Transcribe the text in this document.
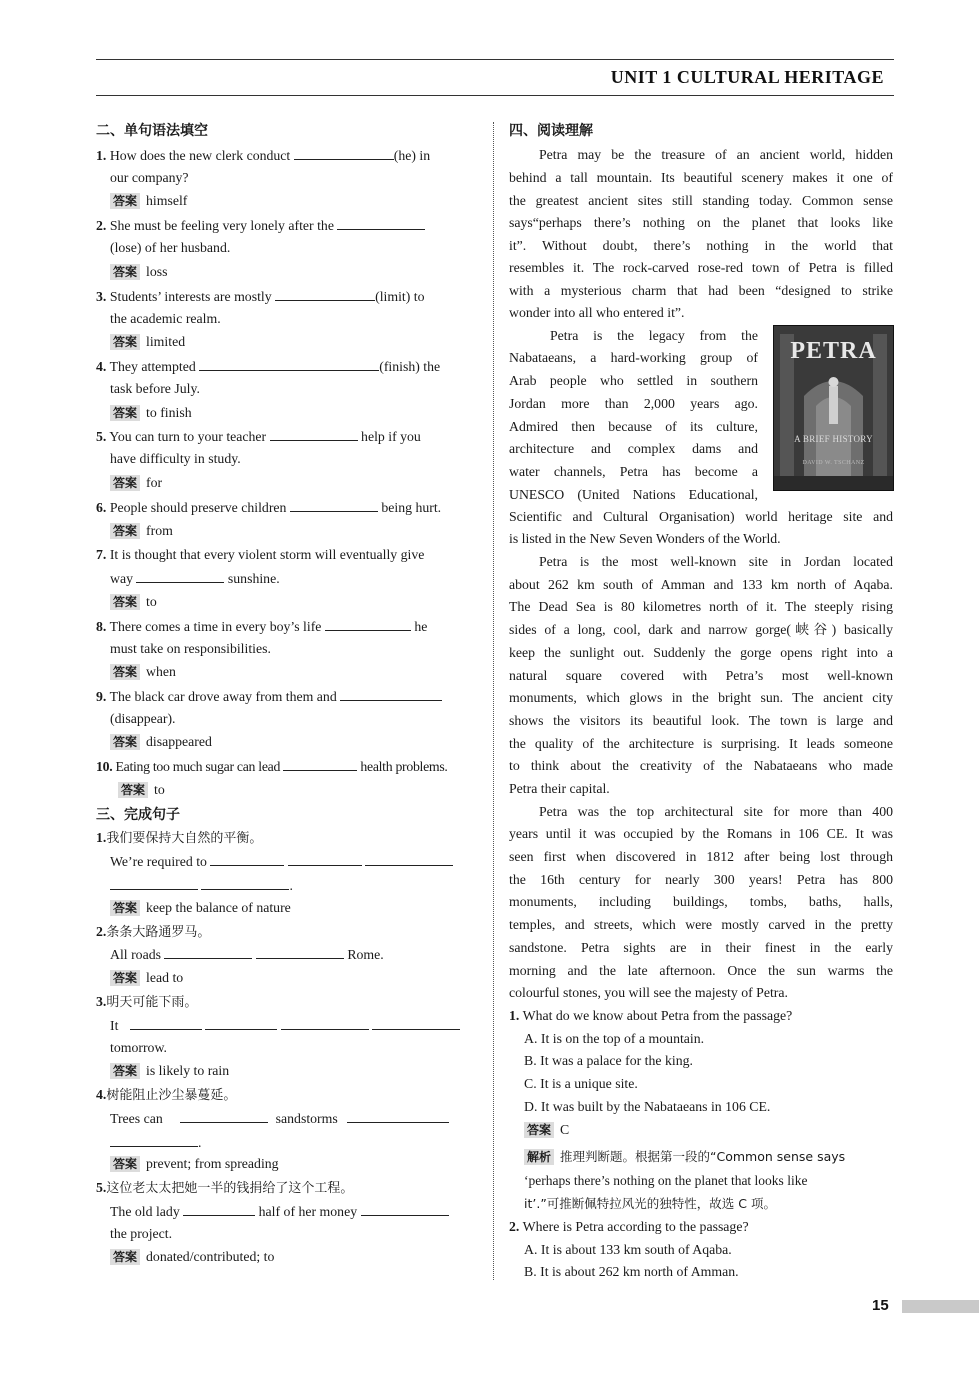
UNIT 1 CULTURAL HERITAGE
二、单句语法填空
1. How does the new clerk conduct	(he) in
our company?
答案 himself
2. She must be feeling very lonely after the
(lose) of her husband.
答案 loss
3. Students’ interests are mostly	(limit) to
the academic realm.
答案 limited
4. They attempted	(finish) the
task before July.
答案 to finish
5. You can turn to your teacher	help if you
have difficulty in study.
答案 for
6. People should preserve children	being hurt.
答案 from
7. It is thought that every violent storm will eventually give
way	sunshine.
答案 to
8. There comes a time in every boy’s life	he
must take on responsibilities.
答案 when
9. The black car drove away from them and
(disappear).
答案 disappeared
10. Eating too much sugar can lead	health problems.
答案 to
三、完成句子
1.我们要保持大自然的平衡。
We’re required to
.
答案 keep the balance of nature
2.条条大路通罗马。
All roads	Rome.
答案 lead to
3.明天可能下雨。
It
tomorrow.
答案 is likely to rain
4.树能阻止沙尘暴蔓延。
Trees can	sandstorms
.
答案 prevent; from spreading
5.这位老太太把她一半的钱捐给了这个工程。
The old lady	half of her money
the project.
答案 donated/contributed; to
四、阅读理解
Petra may be the treasure of an ancient world, hidden
behind a tall mountain. Its beautiful scenery makes it one of
the greatest ancient sites still standing today. Common sense
says“perhaps there’s nothing on the planet that looks like
it”. Without doubt, there’s nothing in the world that
resembles it. The rock-carved rose-red town of Petra is filled
with a mysterious charm that had been “designed to strike
wonder into all who entered it”.
Petra is the legacy from the
Nabataeans, a hard-working group of
Arab people who settled in southern
Jordan more than 2,000 years ago.
Admired then because of its culture,
architecture and complex dams and
water channels, Petra has become a
UNESCO (United Nations Educational,
Scientific and Cultural Organisation) world heritage site and
is listed in the New Seven Wonders of the World.
PETRA
A BRIEF HISTORY
DAVID W. TSCHANZ
Petra is the most well-known site in Jordan located
about 262 km south of Amman and 133 km north of Aqaba.
The Dead Sea is 80 kilometres north of it. The steeply rising
sides of a long, cool, dark and narrow gorge(峡谷) basically
keep the sunlight out. Suddenly the gorge opens right into a
natural square covered with Petra’s most well-known
monuments, which glows in the bright sun. The ancient city
shows the visitors its beautiful look. The town is large and
the quality of the architecture is surprising. It leads someone
to think about the creativity of the Nabataeans who made
Petra their capital.
Petra was the top architectural site for more than 400
years until it was occupied by the Romans in 106 CE. It was
seen first when discovered in 1812 after being lost through
the 16th century for nearly 300 years! Petra has 800
monuments, including buildings, tombs, baths, halls,
temples, and streets, which were mostly carved in the pretty
sandstone. Petra sights are in their finest in the early
morning and the late afternoon. Once the sun warms the
colourful stones, you will see the majesty of Petra.
1. What do we know about Petra from the passage?
A. It is on the top of a mountain.
B. It was a palace for the king.
C. It is a unique site.
D. It was built by the Nabataeans in 106 CE.
答案 C
解析 推理判断题。根据第一段的“Common sense says
‘perhaps there’s nothing on the planet that looks like
it’.”可推断佩特拉风光的独特性，故选 C 项。
2. Where is Petra according to the passage?
A. It is about 133 km south of Aqaba.
B. It is about 262 km north of Amman.
15
